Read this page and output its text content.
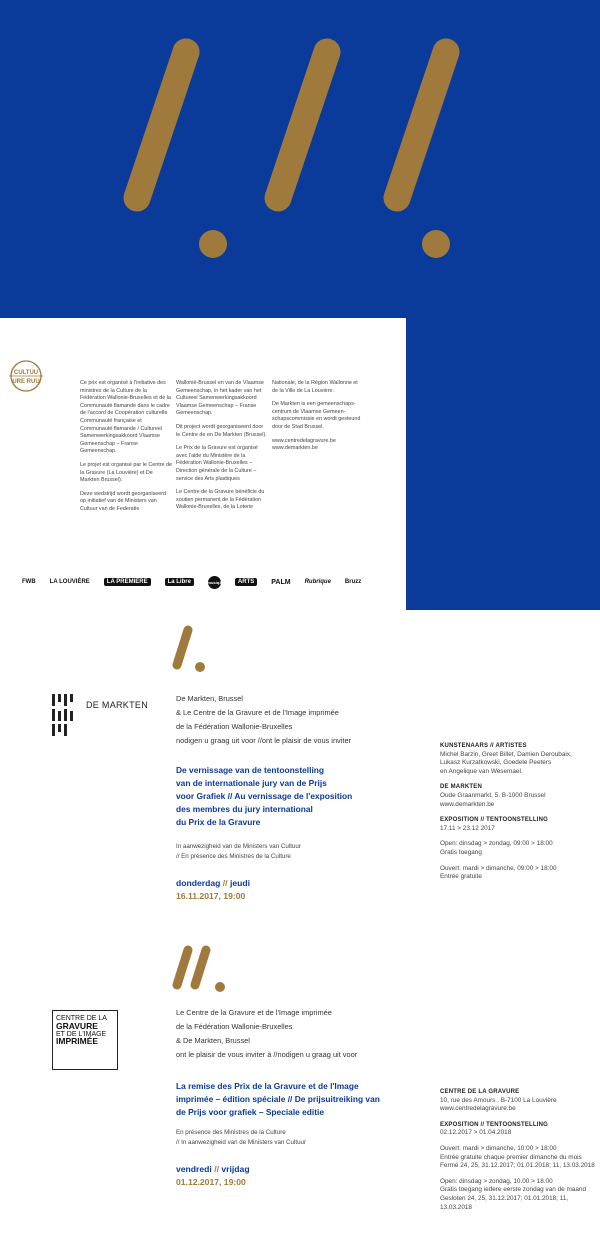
CULTUU
URE RUU	Ce prix est organisé à l'initiative des ministres de la Culture de la Fédération Wallonie-Bruxelles et de la Communauté flamande dans le cadre de l'accord de Coopération culturelle Communauté française et Communauté flamande / Cultureel Samenwerkingsakkoord Vlaamse Gemeenschap – Franse Gemeenschap.

Le projet est organisé par le Centre de la Gravure (La Louvière) et De Markten Brussel).

Deze wedstrijd wordt georganiseerd op initiatief van de Ministers van Cultuur van de Federatie

Wallonië-Brussel en van de Vlaamse Gemeenschap, in het kader van het Cultureel Samenwerkingsakkoord Vlaamse Gemeenschap – Franse Gemeenschap.

Dit project wordt georganiseerd door le Centre de en De Markten (Brussel).

Le Prix de la Gravure est organisé avec l'aide du Ministère de la Fédération Wallonie-Bruxelles – Direction générale de la Culture – service des Arts plastiques

Le Centre de la Gravure bénéficie du soutien permanent de la Fédération Wallonie-Bruxelles, de la Loterie

Nationale, de la Région Wallonne et de la Ville de La Louvière.

De Markten is een gemeenschaps-centrum de Vlaamse Gemeen-schapscommissie en wordt gesteund door de Stad Brussel.

www.centredelagravure.be www.demarkten.be

FWB LA LOUVIÈRE	LA PREMIÈRE	La Libre	musiq3	ARTS	PALM Rubrique Bruzz
DE MARKTEN
De Markten, Brussel
& Le Centre de la Gravure et de l'Image imprimée
de la Fédération Wallonie-Bruxelles
nodigen u graag uit voor //ont le plaisir de vous inviter
De vernissage van de tentoonstelling
van de internationale jury van de Prijs
voor Grafiek // Au vernissage de l'exposition
des membres du jury international
du Prix de la Gravure
In aanwezigheid van de Ministers van Cultuur
// En présence des Ministres de la Culture
donderdag // jeudi
16.11.2017, 19:00
KUNSTENAARS // ARTISTES
Michel Barzin, Greet Billet, Damien Deroubaix,
Lukasz Kurzatkowski, Goedele Peeters
en Angelique van Wesemael.
DE MARKTEN
Oude Graanmarkt, 5. B-1000 Brussel
www.demarkten.be
EXPOSITION // TENTOONSTELLING
17.11 > 23.12 2017
Open: dinsdag > zondag, 09:00 > 18:00
Gratis toegang
Ouvert: mardi > dimanche, 09:00 > 18:00
Entrée gratuite
CENTRE DE LA
GRAVURE
ET DE L'IMAGE
IMPRIMÉE
Le Centre de la Gravure et de l'Image imprimée
de la Fédération Wallonie-Bruxelles
& De Markten, Brussel
ont le plaisir de vous inviter à //nodigen u graag uit voor
La remise des Prix de la Gravure et de l'Image
imprimée – édition spéciale // De prijsuitreiking van
de Prijs voor grafiek – Speciale editie
En présence des Ministres de la Culture
// In aanwezigheid van de Ministers van Cultuur
vendredi // vrijdag
01.12.2017, 19:00
CENTRE DE LA GRAVURE
10, rue des Amours . B-7100 La Louvière
www.centredelagravure.be
EXPOSITION // TENTOONSTELLING
02.12.2017 > 01.04.2018
Ouvert: mardi > dimanche, 10:00 > 18:00
Entrée gratuite chaque premier dimanche du mois
Fermé 24, 25, 31.12.2017; 01.01.2018; 11, 13.03.2018
Open: dinsdag > zondag, 10.00 > 18.00
Gratis toegang iedere eerste zondag van de maand
Gesloten 24, 25, 31.12.2017; 01.01.2018; 11, 13.03.2018
